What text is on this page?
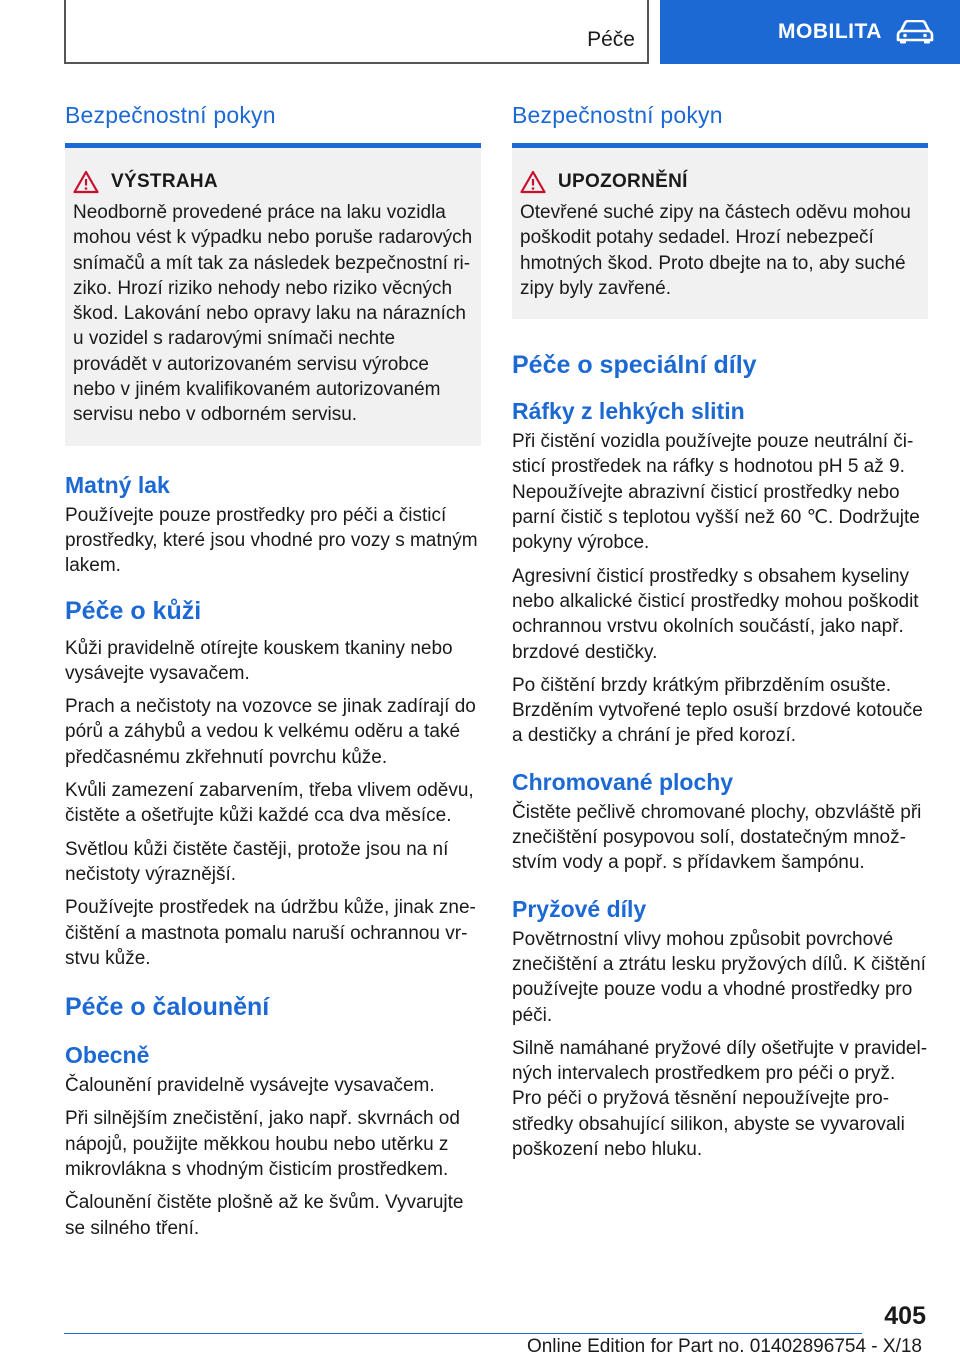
Péče	MOBILITA
Bezpečnostní pokyn
VÝSTRAHA

Neodborně provedené práce na laku vozidla mohou vést k výpadku nebo poruše radarových snímačů a mít tak za následek bezpečnostní riziko. Hrozí riziko nehody nebo riziko věcných škod. Lakování nebo opravy laku na nárazních u vozidel s radarovými snímači nechte provádět v autorizovaném servisu výrobce nebo v jiném kvalifikovaném autorizovaném servisu nebo v odborném servisu.

Matný lak

Používejte pouze prostředky pro péči a čisticí prostředky, které jsou vhodné pro vozy s matným lakem.

Péče o kůži

Kůži pravidelně otírejte kouskem tkaniny nebo vysávejte vysavačem.

Prach a nečistoty na vozovce se jinak zadírají do pórů a záhybů a vedou k velkému oděru a také předčasnému zkřehnutí povrchu kůže.

Kvůli zamezení zabarvením, třeba vlivem oděvu, čistěte a ošetřujte kůži každé cca dva měsíce.

Světlou kůži čistěte častěji, protože jsou na ní nečistoty výraznější.

Používejte prostředek na údržbu kůže, jinak znečištění a mastnota pomalu naruší ochrannou vrstvu kůže.

Péče o čalounění
Obecně

Čalounění pravidelně vysávejte vysavačem.

Při silnějším znečistění, jako např. skvrnách od nápojů, použijte měkkou houbu nebo utěrku z mikrovlákna s vhodným čisticím prostředkem.

Čalounění čistěte plošně až ke švům. Vyvarujte se silného tření.

Bezpečnostní pokyn
UPOZORNĚNÍ

Otevřené suché zipy na částech oděvu mohou poškodit potahy sedadel. Hrozí nebezpečí hmotných škod. Proto dbejte na to, aby suché zipy byly zavřené.

Péče o speciální díly
Ráfky z lehkých slitin

Při čistění vozidla používejte pouze neutrální čisticí prostředek na ráfky s hodnotou pH 5 až 9. Nepoužívejte abrazivní čisticí prostředky nebo parní čistič s teplotou vyšší než 60 ℃. Dodržujte pokyny výrobce.

Agresivní čisticí prostředky s obsahem kyseliny nebo alkalické čisticí prostředky mohou poškodit ochrannou vrstvu okolních součástí, jako např. brzdové destičky.

Po čištění brzdy krátkým přibrzděním osušte. Brzděním vytvořené teplo osuší brzdové kotouče a destičky a chrání je před korozí.

Chromované plochy

Čistěte pečlivě chromované plochy, obzvláště při znečištění posypovou solí, dostatečným množstvím vody a popř. s přídavkem šampónu.

Pryžové díly

Povětrnostní vlivy mohou způsobit povrchové znečištění a ztrátu lesku pryžových dílů. K čištění používejte pouze vodu a vhodné prostředky pro péči.

Silně namáhané pryžové díly ošetřujte v pravidelných intervalech prostředkem pro péči o pryž. Pro péči o pryžová těsnění nepoužívejte prostředky obsahující silikon, abyste se vyvarovali poškození nebo hluku.

405
Online Edition for Part no. 01402896754 - X/18
